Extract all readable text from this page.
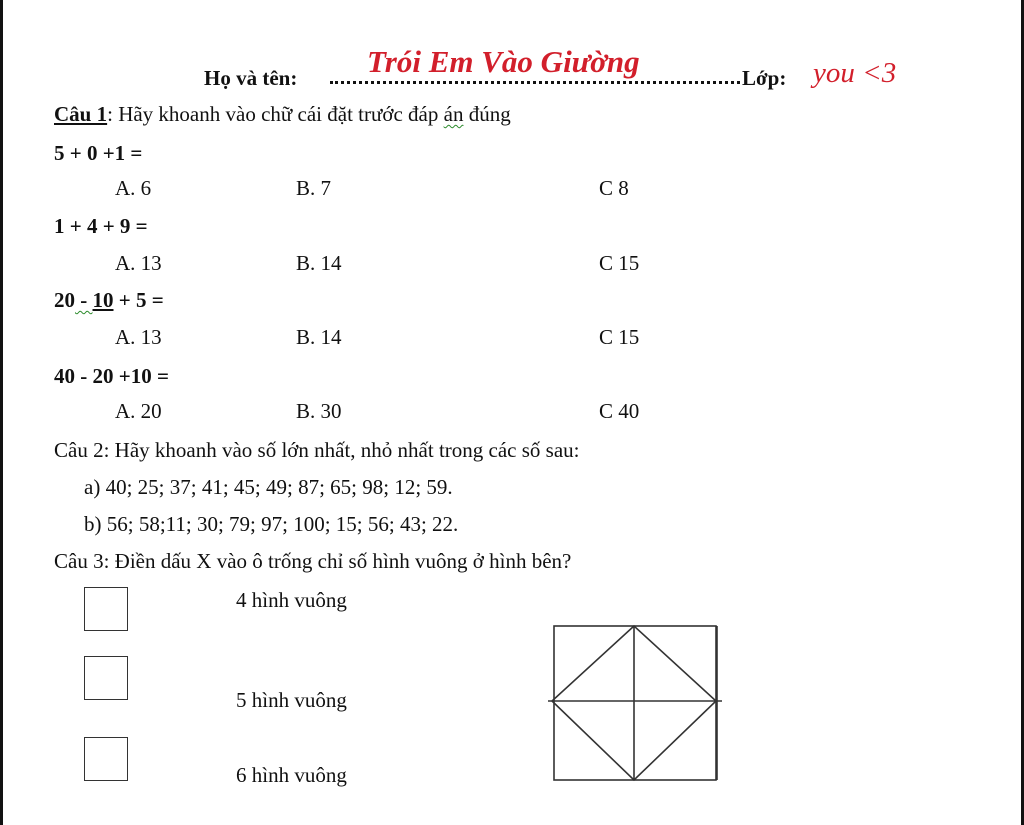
Họ và tên: Trói Em Vào Giường	Lớp: you <3
Câu 1: Hãy khoanh vào chữ cái đặt trước đáp án đúng
5 + 0 +1 =
A. 6	B. 7	C 8
1 + 4 + 9 =
A. 13	B. 14	C 15
20 - 10 + 5 =
A. 13	B. 14	C 15
40 - 20 +10 =
A. 20	B. 30	C 40
Câu 2: Hãy khoanh vào số lớn nhất, nhỏ nhất trong các số sau:
a) 40; 25; 37; 41; 45; 49; 87; 65; 98; 12; 59.
b) 56; 58;11; 30; 79; 97; 100; 15; 56; 43; 22.
Câu 3: Điền dấu X vào ô trống chỉ số hình vuông ở hình bên?
4 hình vuông
5 hình vuông
6 hình vuông
